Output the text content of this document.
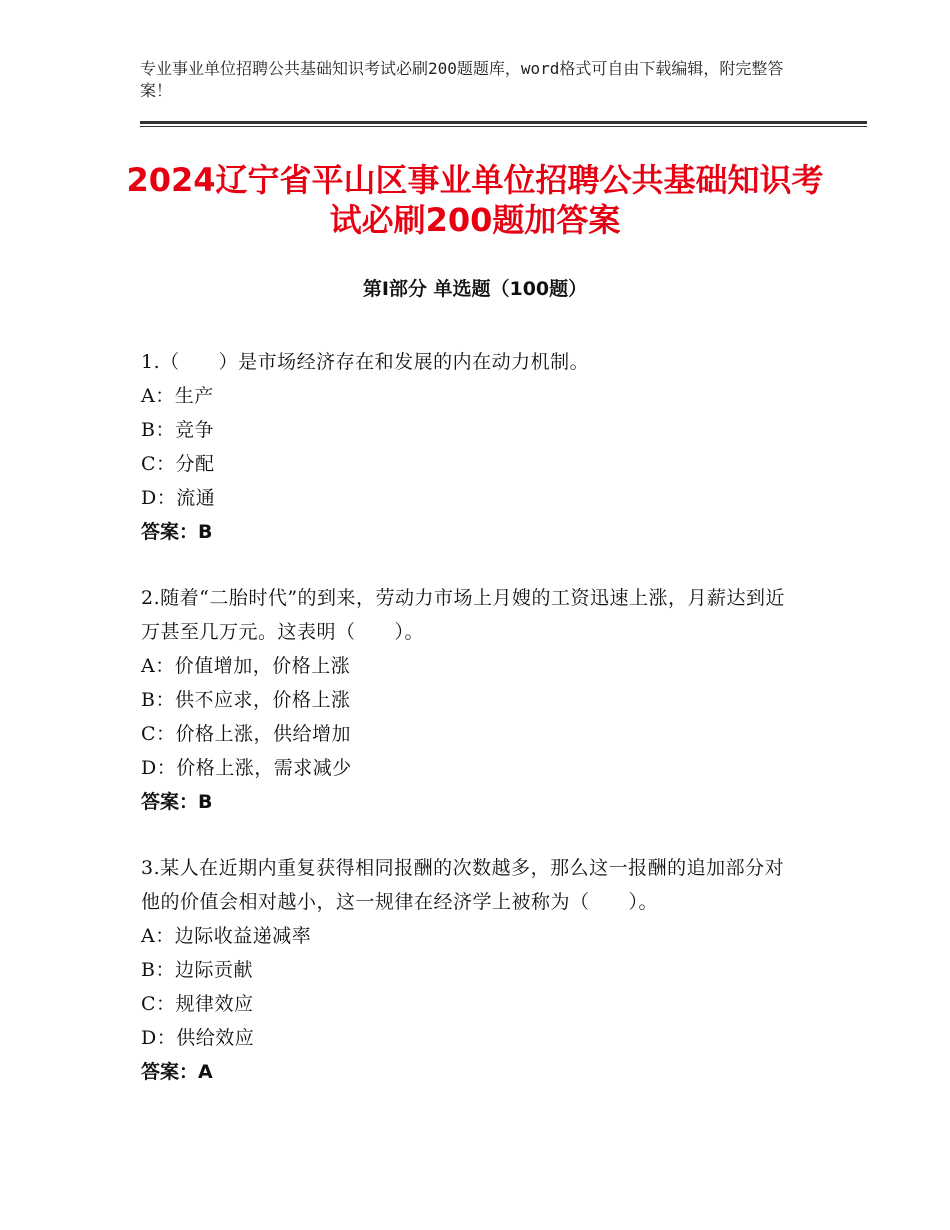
专业事业单位招聘公共基础知识考试必刷200题题库，word格式可自由下载编辑，附完整答案！
2024辽宁省平山区事业单位招聘公共基础知识考试必刷200题加答案
第Ⅰ部分 单选题（100题）
1.（　　）是市场经济存在和发展的内在动力机制。
A：生产
B：竞争
C：分配
D：流通
答案：B
2.随着“二胎时代”的到来，劳动力市场上月嫂的工资迅速上涨，月薪达到近万甚至几万元。这表明（　　）。
A：价值增加，价格上涨
B：供不应求，价格上涨
C：价格上涨，供给增加
D：价格上涨，需求减少
答案：B
3.某人在近期内重复获得相同报酬的次数越多，那么这一报酬的追加部分对他的价值会相对越小，这一规律在经济学上被称为（　　）。
A：边际收益递减率
B：边际贡献
C：规律效应
D：供给效应
答案：A
